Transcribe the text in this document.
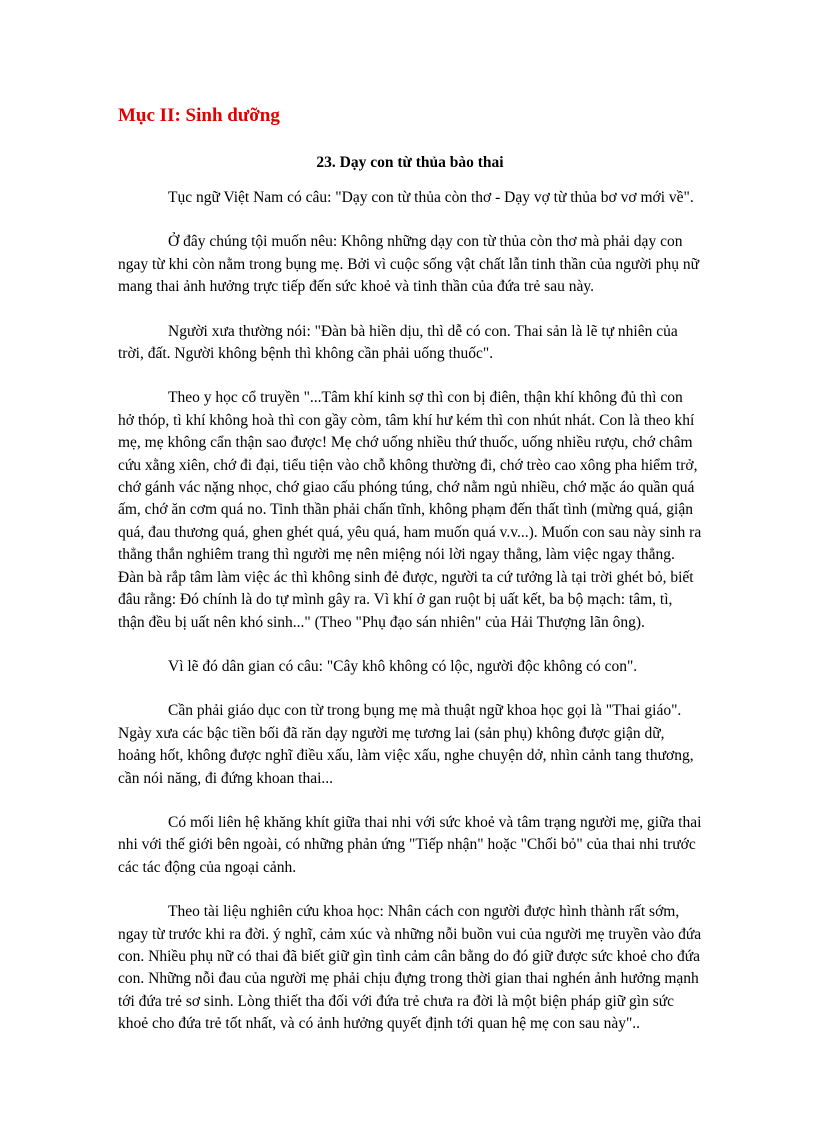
Mục II: Sinh dưỡng
23. Dạy con từ thủa bào thai

Tục ngữ Việt Nam có câu: "Dạy con từ thủa còn thơ - Dạy vợ từ thủa bơ vơ mới về".

Ở đây chúng tội muốn nêu: Không những dạy con từ thủa còn thơ mà phải dạy con ngay từ khi còn nằm trong bụng mẹ. Bởi vì cuộc sống vật chất lẫn tinh thần của người phụ nữ mang thai ảnh hưởng trực tiếp đến sức khoẻ và tinh thần của đứa trẻ sau này.

Người xưa thường nói: "Đàn bà hiền dịu, thì dễ có con. Thai sản là lẽ tự nhiên của trời, đất. Người không bệnh thì không cần phải uống thuốc".

Theo y học cổ truyền "...Tâm khí kinh sợ thì con bị điên, thận khí không đủ thì con hở thóp, tì khí không hoà thì con gầy còm, tâm khí hư kém thì con nhút nhát. Con là theo khí mẹ, mẹ không cẩn thận sao được! Mẹ chớ uống nhiều thứ thuốc, uống nhiều rượu, chớ châm cứu xằng xiên, chớ đi đại, tiểu tiện vào chỗ không thường đi, chớ trèo cao xông pha hiểm trở, chớ gánh vác nặng nhọc, chớ giao cấu phóng túng, chớ nằm ngủ nhiều, chớ mặc áo quần quá ấm, chớ ăn cơm quá no. Tinh thần phải chấn tĩnh, không phạm đến thất tình (mừng quá, giận quá, đau thương quá, ghen ghét quá, yêu quá, ham muốn quá v.v...). Muốn con sau này sinh ra thẳng thắn nghiêm trang thì người mẹ nên miệng nói lời ngay thẳng, làm việc ngay thẳng. Đàn bà rắp tâm làm việc ác thì không sinh đẻ được, người ta cứ tưởng là tại trời ghét bỏ, biết đâu rằng: Đó chính là do tự mình gây ra. Vì khí ở gan ruột bị uất kết, ba bộ mạch: tâm, tì, thận đều bị uất nên khó sinh..." (Theo "Phụ đạo sán nhiên" của Hải Thượng lãn ông).

Vì lẽ đó dân gian có câu: "Cây khô không có lộc, người độc không có con".

Cần phải giáo dục con từ trong bụng mẹ mà thuật ngữ khoa học gọi là "Thai giáo". Ngày xưa các bậc tiền bối đã răn dạy người mẹ tương lai (sản phụ) không được giận dữ, hoảng hốt, không được nghĩ điều xấu, làm việc xấu, nghe chuyện dở, nhìn cảnh tang thương, cần nói năng, đi đứng khoan thai...

Có mối liên hệ khăng khít giữa thai nhi với sức khoẻ và tâm trạng người mẹ, giữa thai nhi với thế giới bên ngoài, có những phản ứng "Tiếp nhận" hoặc "Chối bỏ" của thai nhi trước các tác động của ngoại cảnh.

Theo tài liệu nghiên cứu khoa học: Nhân cách con người được hình thành rất sớm, ngay từ trước khi ra đời. ý nghĩ, cảm xúc và những nỗi buồn vui của người mẹ truyền vào đứa con. Nhiều phụ nữ có thai đã biết giữ gìn tình cảm cân bằng do đó giữ được sức khoẻ cho đứa con. Những nỗi đau của người mẹ phải chịu đựng trong thời gian thai nghén ảnh hưởng mạnh tới đứa trẻ sơ sinh. Lòng thiết tha đối với đứa trẻ chưa ra đời là một biện pháp giữ gìn sức khoẻ cho đứa trẻ tốt nhất, và có ảnh hưởng quyết định tới quan hệ mẹ con sau này"..
